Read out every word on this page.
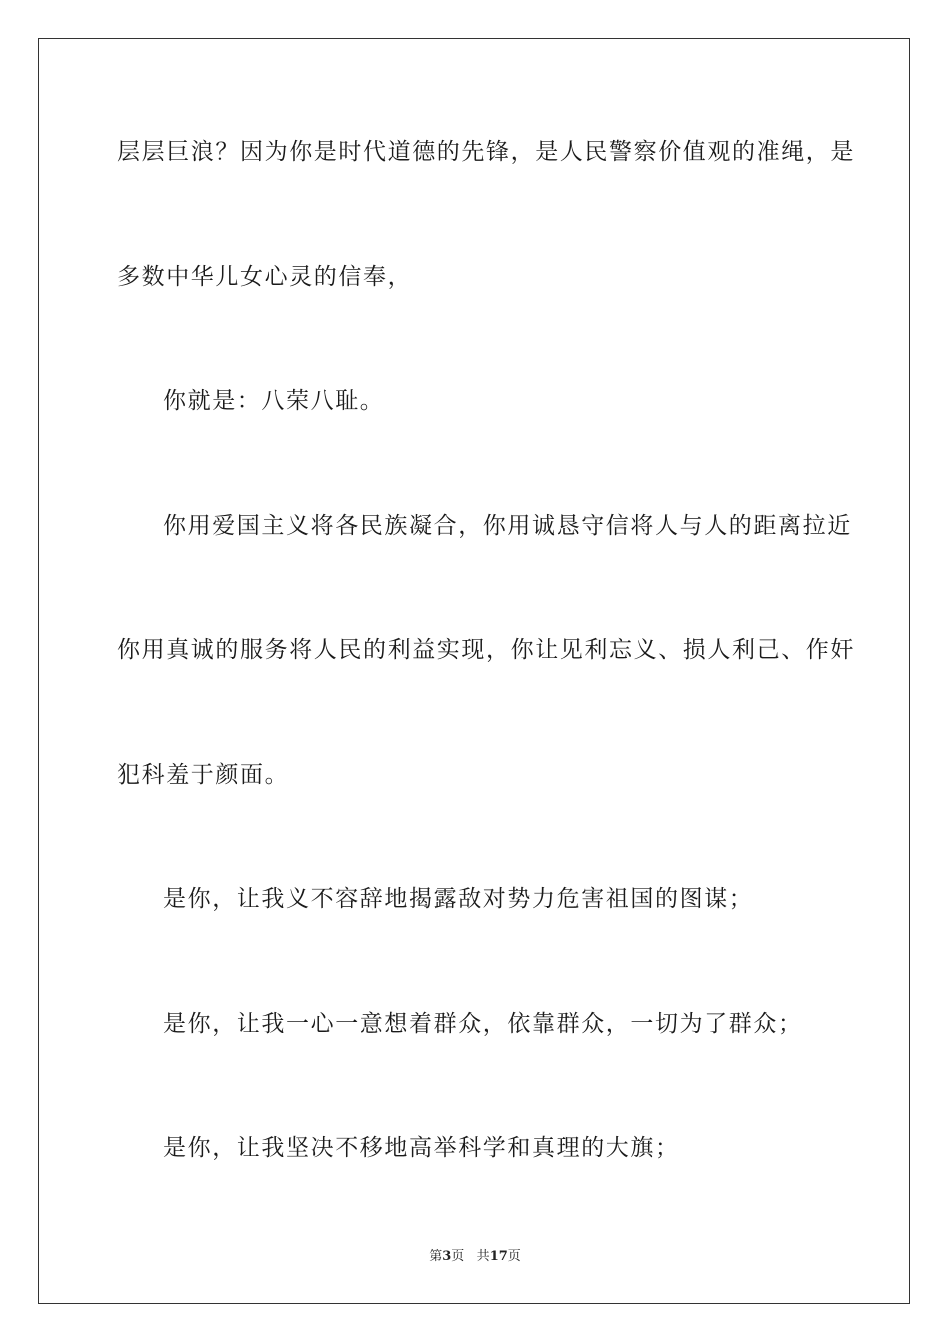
层层巨浪？因为你是时代道德的先锋，是人民警察价值观的准绳，是
多数中华儿女心灵的信奉，
你就是：八荣八耻。
你用爱国主义将各民族凝合，你用诚恳守信将人与人的距离拉近
你用真诚的服务将人民的利益实现，你让见利忘义、损人利己、作奸
犯科羞于颜面。
是你，让我义不容辞地揭露敌对势力危害祖国的图谋；
是你，让我一心一意想着群众，依靠群众，一切为了群众；
是你，让我坚决不移地高举科学和真理的大旗；
第3页 共17页
